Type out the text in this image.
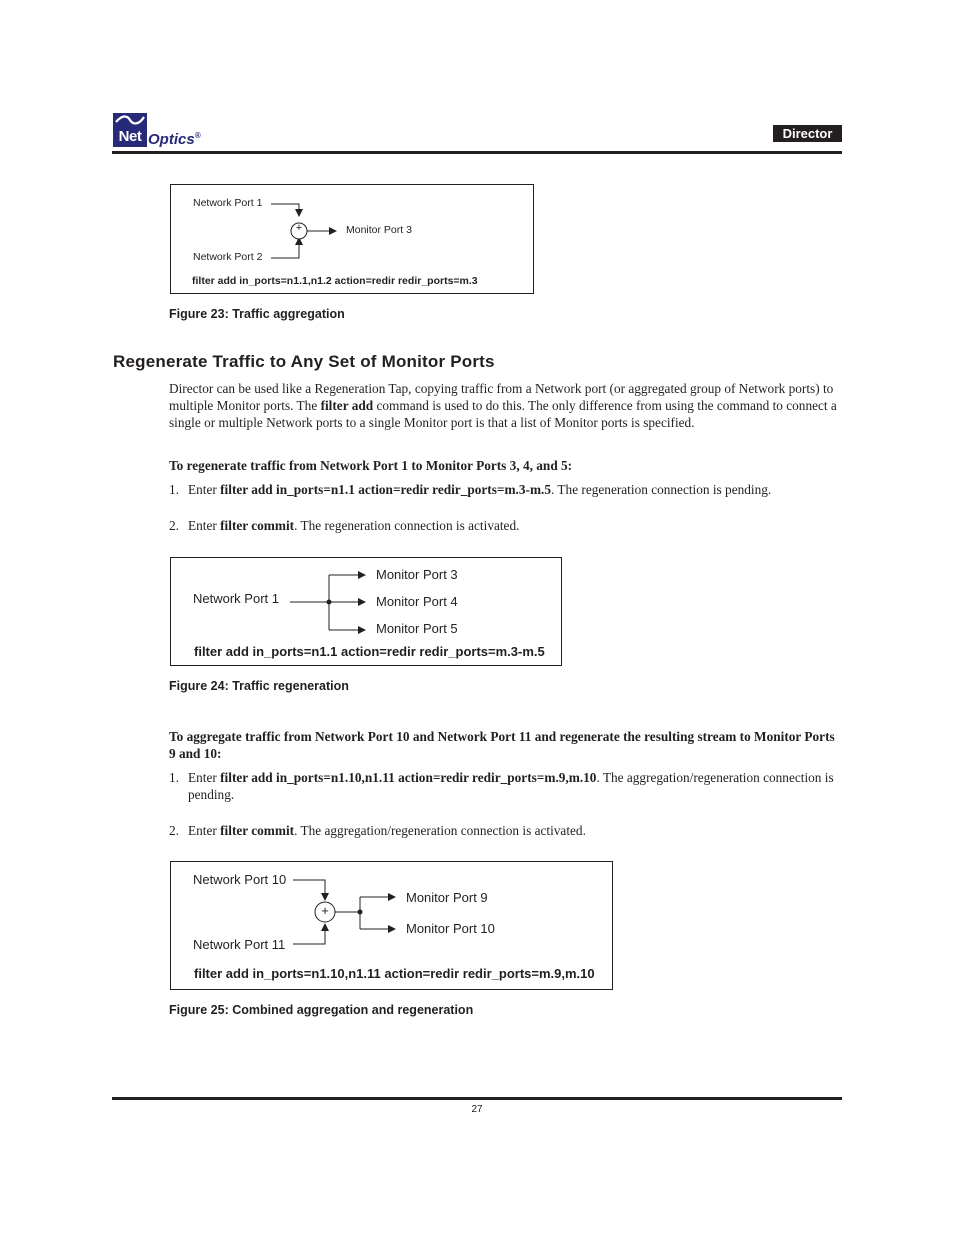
Net Optics®	Director
+
Network Port 1
Network Port 2
Monitor Port 3
filter add in_ports=n1.1,n1.2 action=redir redir_ports=m.3
Figure 23: Traffic aggregation
Regenerate Traffic to Any Set of Monitor Ports
Director can be used like a Regeneration Tap, copying traffic from a Network port (or aggregated group of Network ports) to multiple Monitor ports. The filter add command is used to do this. The only difference from using the command to connect a single or multiple Network ports to a single Monitor port is that a list of Monitor ports is specified.
To regenerate traffic from Network Port 1 to Monitor Ports 3, 4, and 5:
1. Enter filter add in_ports=n1.1 action=redir redir_ports=m.3-m.5. The regeneration connection is pending.
2. Enter filter commit. The regeneration connection is activated.
Network Port 1
Monitor Port 3
Monitor Port 4
Monitor Port 5
filter add in_ports=n1.1 action=redir redir_ports=m.3-m.5
Figure 24: Traffic regeneration
To aggregate traffic from Network Port 10 and Network Port 11 and regenerate the resulting stream to Monitor Ports 9 and 10:
1. Enter filter add in_ports=n1.10,n1.11 action=redir redir_ports=m.9,m.10. The aggregation/regeneration connection is pending.
2. Enter filter commit. The aggregation/regeneration connection is activated.
+
Network Port 10
Network Port 11
Monitor Port 9
Monitor Port 10
filter add in_ports=n1.10,n1.11 action=redir redir_ports=m.9,m.10
Figure 25: Combined aggregation and regeneration
27
